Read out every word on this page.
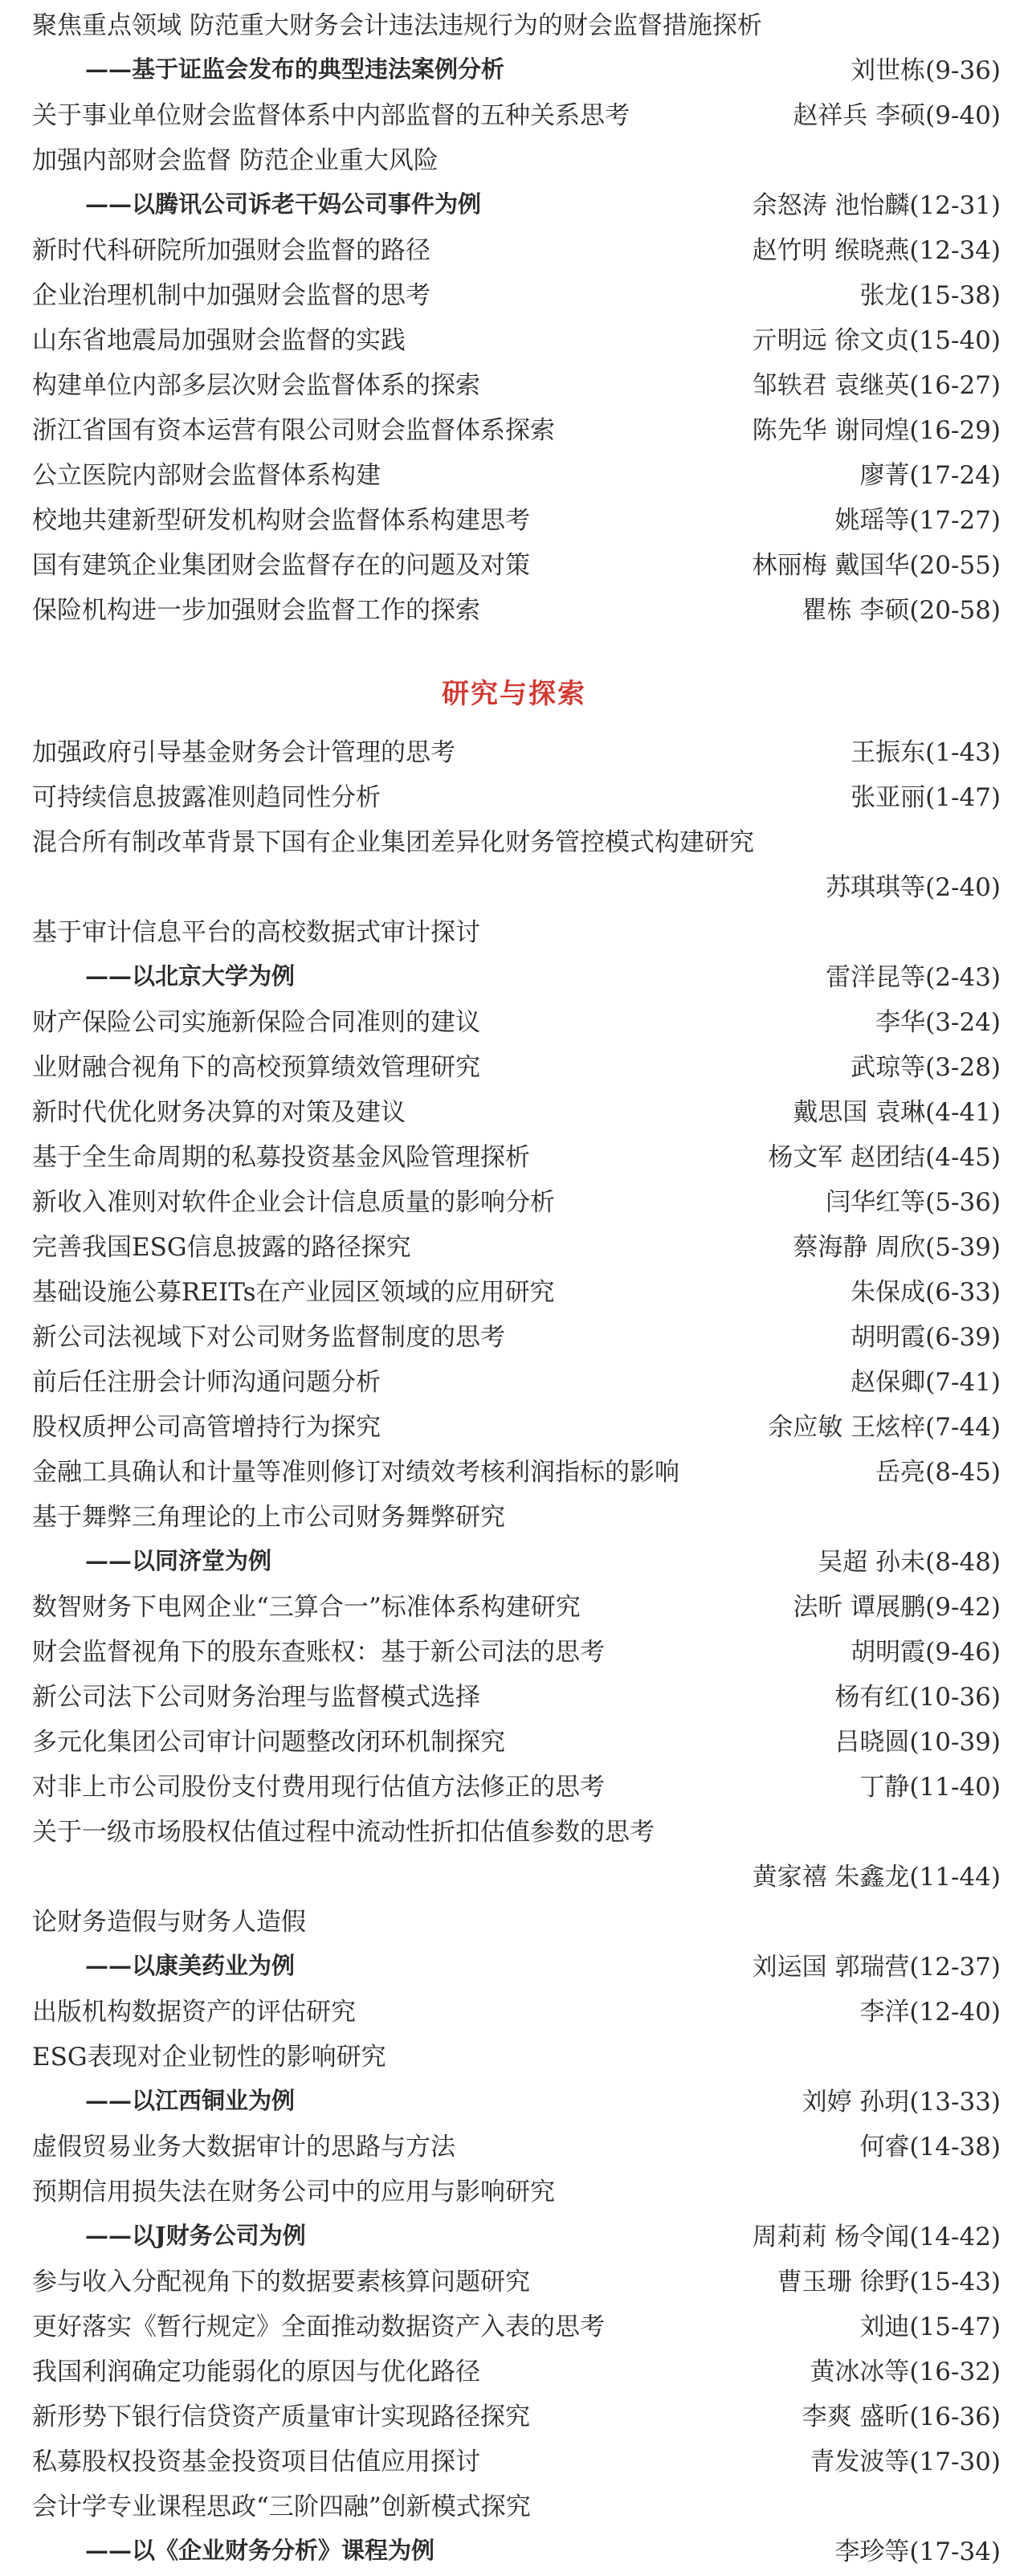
聚焦重点领域 防范重大财务会计违法违规行为的财会监督措施探析
——基于证监会发布的典型违法案例分析	刘世栋(9-36)
关于事业单位财会监督体系中内部监督的五种关系思考	赵祥兵 李硕(9-40)
加强内部财会监督 防范企业重大风险
——以腾讯公司诉老干妈公司事件为例	余怒涛 池怡麟(12-31)
新时代科研院所加强财会监督的路径	赵竹明 缑晓燕(12-34)
企业治理机制中加强财会监督的思考	张龙(15-38)
山东省地震局加强财会监督的实践	亓明远 徐文贞(15-40)
构建单位内部多层次财会监督体系的探索	邹轶君 袁继英(16-27)
浙江省国有资本运营有限公司财会监督体系探索	陈先华 谢同煌(16-29)
公立医院内部财会监督体系构建	廖菁(17-24)
校地共建新型研发机构财会监督体系构建思考	姚瑶等(17-27)
国有建筑企业集团财会监督存在的问题及对策	林丽梅 戴国华(20-55)
保险机构进一步加强财会监督工作的探索	瞿栋 李硕(20-58)
研究与探索
加强政府引导基金财务会计管理的思考	王振东(1-43)
可持续信息披露准则趋同性分析	张亚丽(1-47)
混合所有制改革背景下国有企业集团差异化财务管控模式构建研究
苏琪琪等(2-40)
基于审计信息平台的高校数据式审计探讨
——以北京大学为例	雷洋昆等(2-43)
财产保险公司实施新保险合同准则的建议	李华(3-24)
业财融合视角下的高校预算绩效管理研究	武琼等(3-28)
新时代优化财务决算的对策及建议	戴思国 袁琳(4-41)
基于全生命周期的私募投资基金风险管理探析	杨文军 赵团结(4-45)
新收入准则对软件企业会计信息质量的影响分析	闫华红等(5-36)
完善我国ESG信息披露的路径探究	蔡海静 周欣(5-39)
基础设施公募REITs在产业园区领域的应用研究	朱保成(6-33)
新公司法视域下对公司财务监督制度的思考	胡明霞(6-39)
前后任注册会计师沟通问题分析	赵保卿(7-41)
股权质押公司高管增持行为探究	余应敏 王炫梓(7-44)
金融工具确认和计量等准则修订对绩效考核利润指标的影响	岳亮(8-45)
基于舞弊三角理论的上市公司财务舞弊研究
——以同济堂为例	吴超 孙未(8-48)
数智财务下电网企业“三算合一”标准体系构建研究	法昕 谭展鹏(9-42)
财会监督视角下的股东查账权：基于新公司法的思考	胡明霞(9-46)
新公司法下公司财务治理与监督模式选择	杨有红(10-36)
多元化集团公司审计问题整改闭环机制探究	吕晓圆(10-39)
对非上市公司股份支付费用现行估值方法修正的思考	丁静(11-40)
关于一级市场股权估值过程中流动性折扣估值参数的思考
黄家禧 朱鑫龙(11-44)
论财务造假与财务人造假
——以康美药业为例	刘运国 郭瑞营(12-37)
出版机构数据资产的评估研究	李洋(12-40)
ESG表现对企业韧性的影响研究
——以江西铜业为例	刘婷 孙玥(13-33)
虚假贸易业务大数据审计的思路与方法	何睿(14-38)
预期信用损失法在财务公司中的应用与影响研究
——以J财务公司为例	周莉莉 杨令闻(14-42)
参与收入分配视角下的数据要素核算问题研究	曹玉珊 徐野(15-43)
更好落实《暂行规定》全面推动数据资产入表的思考	刘迪(15-47)
我国利润确定功能弱化的原因与优化路径	黄冰冰等(16-32)
新形势下银行信贷资产质量审计实现路径探究	李爽 盛昕(16-36)
私募股权投资基金投资项目估值应用探讨	青发波等(17-30)
会计学专业课程思政“三阶四融”创新模式探究
——以《企业财务分析》课程为例	李珍等(17-34)
